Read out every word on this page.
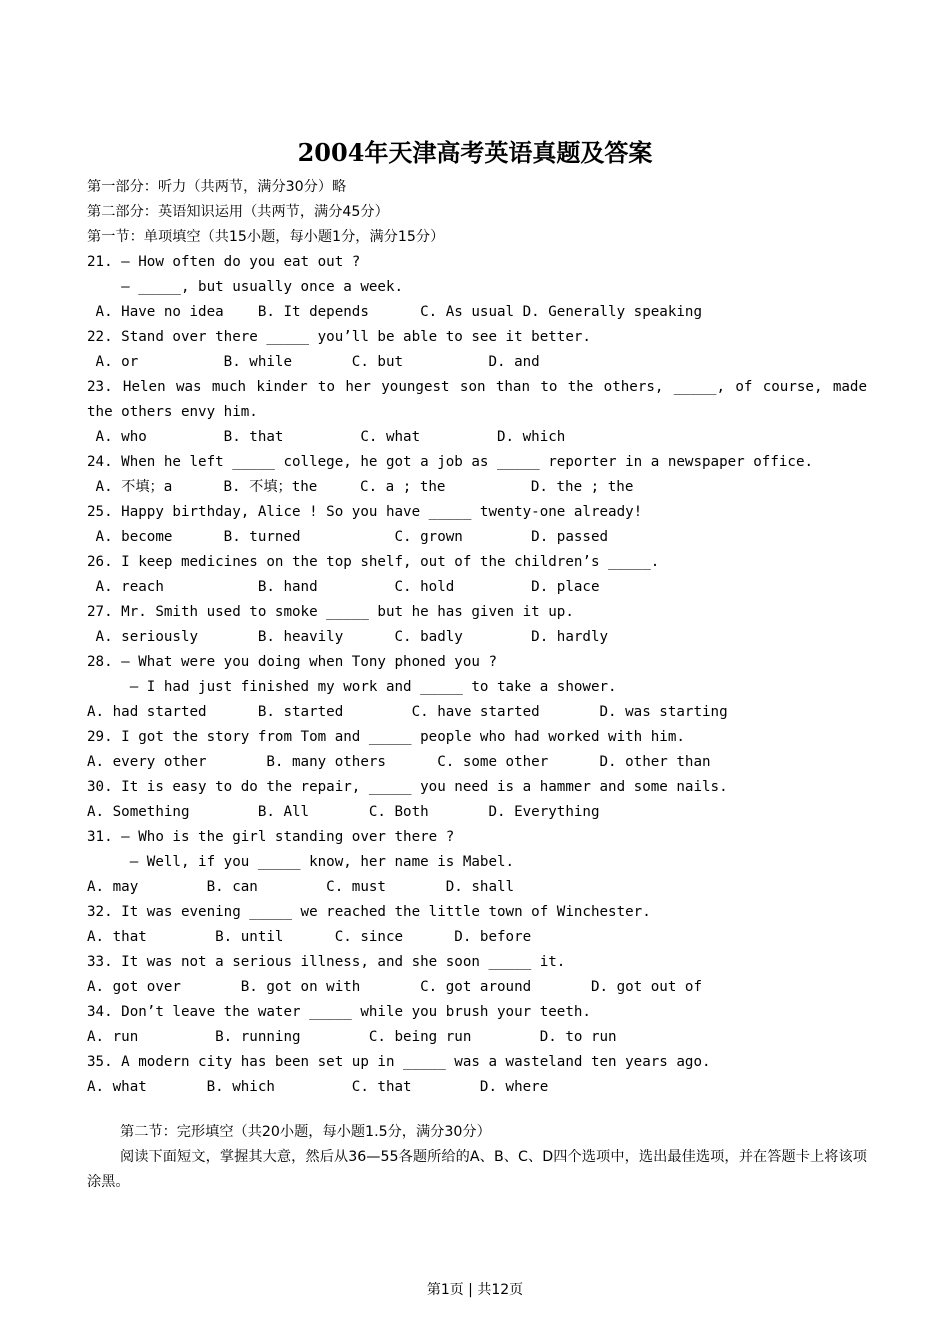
2004年天津高考英语真题及答案
第一部分：听力（共两节，满分30分）略
第二部分：英语知识运用（共两节，满分45分）
第一节：单项填空（共15小题，每小题1分，满分15分）
21. — How often do you eat out ?
— _____, but usually once a week.
A. Have no idea    B. It depends      C. As usual D. Generally speaking
22. Stand over there _____ you’ll be able to see it better.
A. or          B. while       C. but          D. and
23. Helen was much kinder to her youngest son than to the others, _____, of course, made the others envy him.
A. who         B. that         C. what         D. which
24. When he left _____ college, he got a job as _____ reporter in a newspaper office.
A. 不填；a      B. 不填；the     C. a ; the          D. the ; the
25. Happy birthday, Alice ! So you have _____ twenty-one already!
A. become      B. turned           C. grown        D. passed
26. I keep medicines on the top shelf, out of the children’s _____.
A. reach           B. hand         C. hold         D. place
27. Mr. Smith used to smoke _____ but he has given it up.
A. seriously       B. heavily      C. badly        D. hardly
28. — What were you doing when Tony phoned you ?
— I had just finished my work and _____ to take a shower.
A. had started      B. started        C. have started       D. was starting
29. I got the story from Tom and _____ people who had worked with him.
A. every other       B. many others      C. some other      D. other than
30. It is easy to do the repair, _____ you need is a hammer and some nails.
A. Something        B. All       C. Both       D. Everything
31. — Who is the girl standing over there ?
— Well, if you _____ know, her name is Mabel.
A. may        B. can        C. must       D. shall
32. It was evening _____ we reached the little town of Winchester.
A. that        B. until      C. since      D. before
33. It was not a serious illness, and she soon _____ it.
A. got over       B. got on with       C. got around       D. got out of
34. Don’t leave the water _____ while you brush your teeth.
A. run         B. running        C. being run        D. to run
35. A modern city has been set up in _____ was a wasteland ten years ago.
A. what       B. which         C. that        D. where
第二节：完形填空（共20小题，每小题1.5分，满分30分）
阅读下面短文，掌握其大意，然后从36—55各题所给的A、B、C、D四个选项中，选出最佳选项，并在答题卡上将该项涂黑。
第1页 | 共12页
